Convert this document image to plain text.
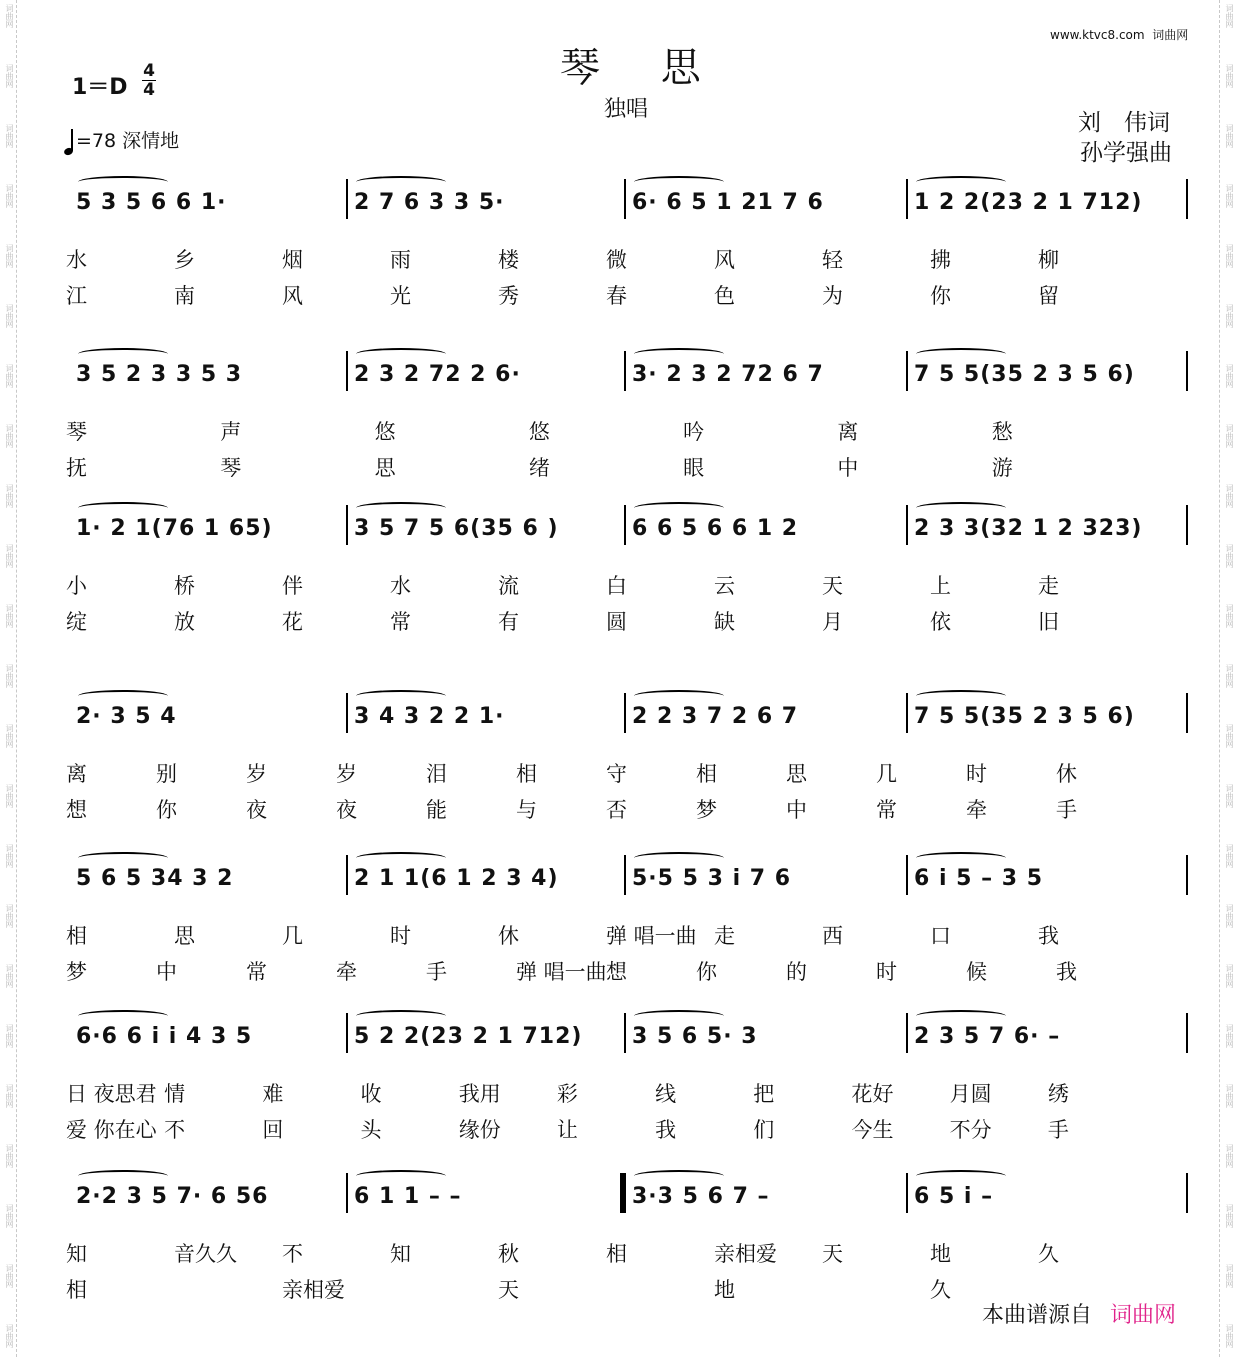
词曲网	词曲网
词曲网	词曲网
词曲网	词曲网
词曲网	词曲网
词曲网	词曲网
词曲网	词曲网
词曲网	词曲网
词曲网	词曲网
词曲网	词曲网
词曲网	词曲网
词曲网	词曲网
词曲网	词曲网
词曲网	词曲网
词曲网	词曲网
词曲网	词曲网
词曲网	词曲网
词曲网	词曲网
词曲网	词曲网
词曲网	词曲网
词曲网	词曲网
词曲网	词曲网
词曲网	词曲网
词曲网	词曲网
www.ktvc8.com 词曲网
琴 思
独唱
刘　伟词
孙学强曲
1＝D
4
4
=78 深情地
5 3 5 6 6 1·	2 7 6 3 3 5·	6· 6 5 1 21 7 6	1 2 2(23 2 1 712)
水	乡	烟	雨	楼	微	风	轻	拂	柳
江	南	风	光	秀	春	色	为	你	留
3 5 2 3 3 5 3	2 3 2 72 2 6·	3· 2 3 2 72 6 7	7 5 5(35 2 3 5 6)
琴	声	悠	悠	吟	离	愁
抚	琴	思	绪	眼	中	游
1· 2 1(76 1 65)	3 5 7 5 6(35 6 )	6 6 5 6 6 1 2	2 3 3(32 1 2 323)
小	桥	伴	水	流	白	云	天	上	走
绽	放	花	常	有	圆	缺	月	依	旧
2· 3 5 4	3 4 3 2 2 1·	2 2 3 7 2 6 7	7 5 5(35 2 3 5 6)
离	别	岁	岁	泪	相	守	相	思	几	时	休
想	你	夜	夜	能	与	否	梦	中	常	牵	手
5 6 5 34 3 2	2 1 1(6 1 2 3 4)	5·5 5 3 i 7 6	6 i 5 – 3 5
相	思	几	时	休	弹 唱一曲 走	西	口	我
梦	中	常	牵	手	弹 唱一曲 想	你	的	时	候	我
6·6 6 i i 4 3 5	5 2 2(23 2 1 712) 3 5 6 5· 3	2 3 5 7 6· –
日 夜思君 情	难	收	我用	彩	线	把	花好	月圆	绣
爱 你在心 不	回	头	缘份	让	我	们	今生	不分	手
2·2 3 5 7· 6 56	6 1 1 – –	3·3 5 6 7 –	6 5 i –
知	音久久 不	知	秋	相	亲相爱 天	地	久
相	亲相爱	天	地	久
本曲谱源自 词曲网
